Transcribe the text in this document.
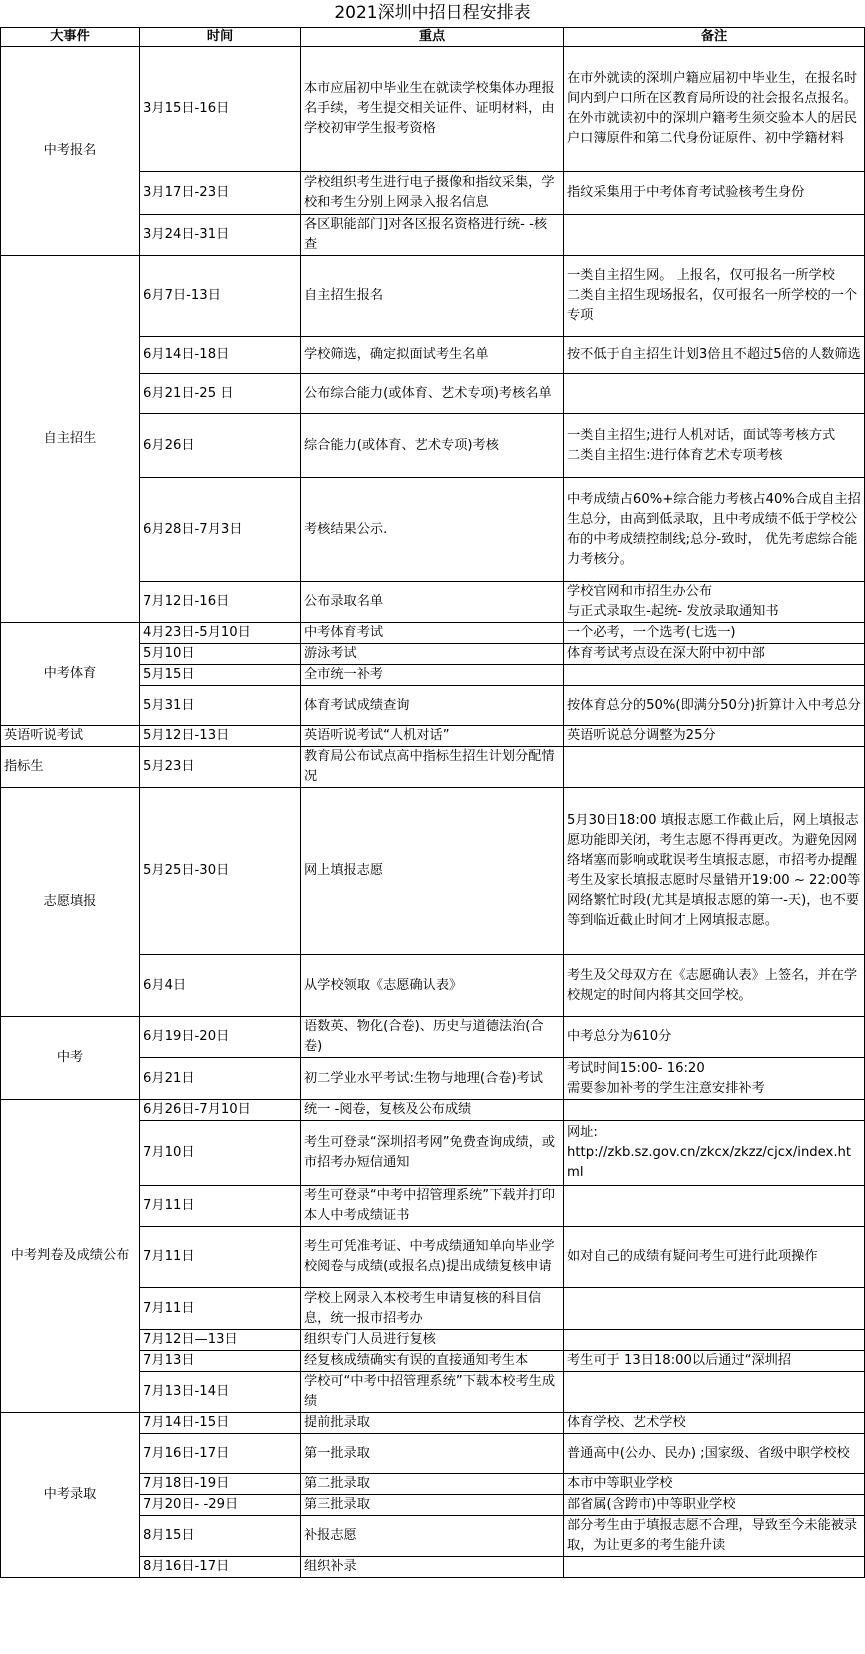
2021深圳中招日程安排表
大事件	时间	重点	备注
中考报名	3月15日-16日	本市应届初中毕业生在就读学校集体办理报名手续，考生提交相关证件、证明材料，由学校初审学生报考资格	在市外就读的深圳户籍应届初中毕业生，在报名时间内到户口所在区教育局所设的社会报名点报名。
在外市就读初中的深圳户籍考生须交验本人的居民户口簿原件和第二代身份证原件、初中学籍材料
	3月17日-23日	学校组织考生进行电子摄像和指纹采集，学校和考生分别上网录入报名信息	指纹采集用于中考体育考试验核考生身份
	3月24日-31日	各区职能部门]对各区报名资格进行统- -核查	
自主招生	6月7日-13日	自主招生报名	一类自主招生网。 上报名，仅可报名一所学校
二类自主招生现场报名，仅可报名一所学校的一个专项
	6月14日-18日	学校筛选，确定拟面试考生名单	按不低于自主招生计划3倍且不超过5倍的人数筛选
	6月21日-25 日	公布综合能力(或体育、艺术专项)考核名单	
	6月26日	综合能力(或体育、艺术专项)考核	一类自主招生;进行人机对话，面试等考核方式
二类自主招生:进行体育艺术专项考核
	6月28日-7月3日	考核结果公示.	中考成绩占60%+综合能力考核占40%合成自主招生总分，由高到低录取，且中考成绩不低于学校公布的中考成绩控制线;总分-致时， 优先考虑综合能力考核分。
	7月12日-16日	公布录取名单	学校官网和市招生办公布
与正式录取生-起统- 发放录取通知书
中考体育	4月23日-5月10日	中考体育考试	一个必考，一个选考(七选一)
	5月10日	游泳考试	体育考试考点设在深大附中初中部
	5月15日	全市统一补考	
	5月31日	体育考试成绩查询	按体育总分的50%(即满分50分)折算计入中考总分
英语听说考试	5月12日-13日	英语听说考试“人机对话”	英语听说总分调整为25分
指标生	5月23日	教育局公布试点高中指标生招生计划分配情况	
志愿填报	5月25日-30日	网上填报志愿	5月30日18:00 填报志愿工作截止后，网上填报志愿功能即关闭，考生志愿不得再更改。为避免因网络堵塞而影响或耽误考生填报志愿，市招考办提醒考生及家长填报志愿时尽量错开19:00 ~ 22:00等网络繁忙时段(尤其是填报志愿的第一-天)，也不要等到临近截止时间才上网填报志愿。
	6月4日	从学校领取《志愿确认表》	考生及父母双方在《志愿确认表》上签名，并在学校规定的时间内将其交回学校。
中考	6月19日-20日	语数英、物化(合卷)、历史与道德法治(合卷)	中考总分为610分
	6月21日	初二学业水平考试:生物与地理(合卷)考试	考试时间15:00- 16:20
需要参加补考的学生注意安排补考
中考判卷及成绩公布	6月26日-7月10日	统一 -阅卷，复核及公布成绩	
	7月10日	考生可登录“深圳招考网”免费查询成绩，或市招考办短信通知	网址:
http://zkb.sz.gov.cn/zkcx/zkzz/cjcx/index.html
	7月11日	考生可登录“中考中招管理系统”下载并打印本人中考成绩证书	
	7月11日	考生可凭准考证、中考成绩通知单向毕业学校阅卷与成绩(或报名点)提出成绩复核申请	如对自己的成绩有疑问考生可进行此项操作
	7月11日	学校上网录入本校考生申请复核的科目信息，统一报市招考办	
	7月12日—13日	组织专门人员进行复核	
	7月13日	经复核成绩确实有误的直接通知考生本	考生可于 13日18:00以后通过“深圳招
	7月13日-14日	学校可“中考中招管理系统”下载本校考生成绩	
中考录取	7月14日-15日	提前批录取	体育学校、艺术学校
	7月16日-17日	第一批录取	普通高中(公办、民办) ;国家级、省级中职学校校
	7月18日-19日	第二批录取	本市中等职业学校
	7月20日- -29日	第三批录取	部省属(含跨市)中等职业学校
	8月15日	补报志愿	部分考生由于填报志愿不合理，导致至今未能被录取，为让更多的考生能升读
	8月16日-17日	组织补录	
